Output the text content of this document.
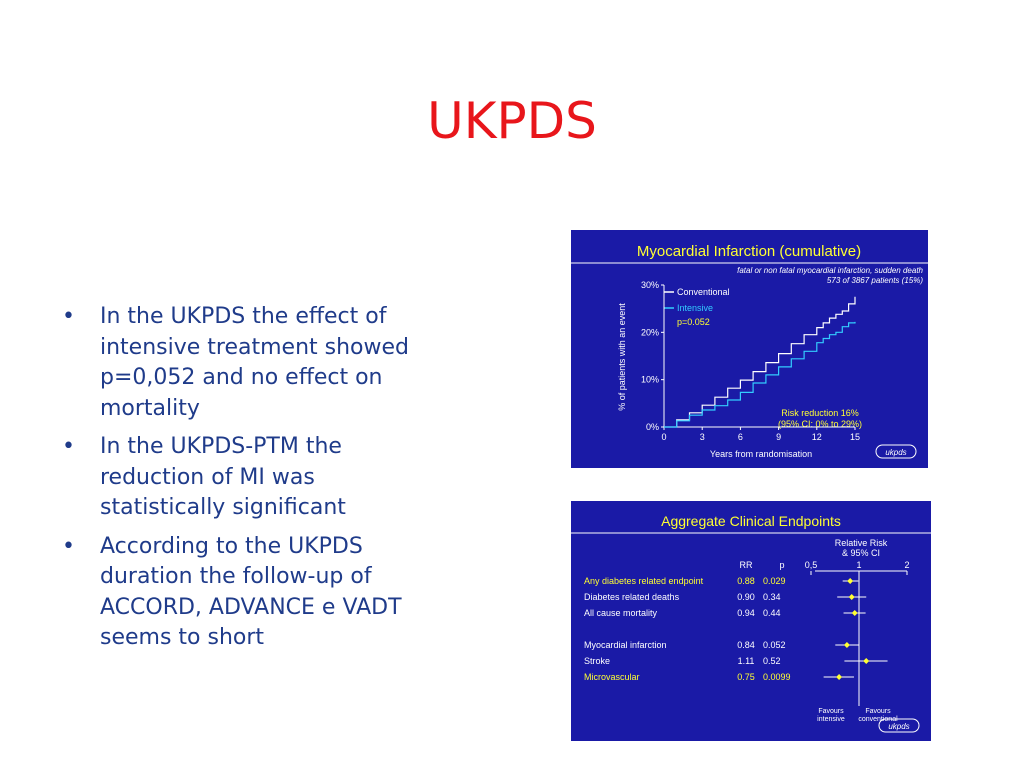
UKPDS
• In the UKPDS the effect of intensive treatment showed p=0,052 and no effect on mortality
• In the UKPDS-PTM the reduction of MI was statistically significant
• According to the UKPDS duration the follow-up of ACCORD, ADVANCE e VADT seems to short
Myocardial Infarction (cumulative)
fatal or non fatal myocardial infarction, sudden death
573 of 3867 patients (15%)
% of patients with an event
Years from randomisation
Conventional
Intensive
p=0.052
Risk reduction 16%
(95% CI: 0% to 29%)
ukpds
0%
10%
20%
30%
0	3	6	9	12	15
Aggregate Clinical Endpoints
Relative Risk
& 95% CI
RR	p
Favours
intensive
Favours
conventional
ukpds
0,5	1	2
Any diabetes related endpoint	0.88 0.029
Diabetes related deaths	0.90 0.34
All cause mortality	0.94 0.44
Myocardial infarction	0.84 0.052
Stroke	1.11 0.52
Microvascular	0.75 0.0099
